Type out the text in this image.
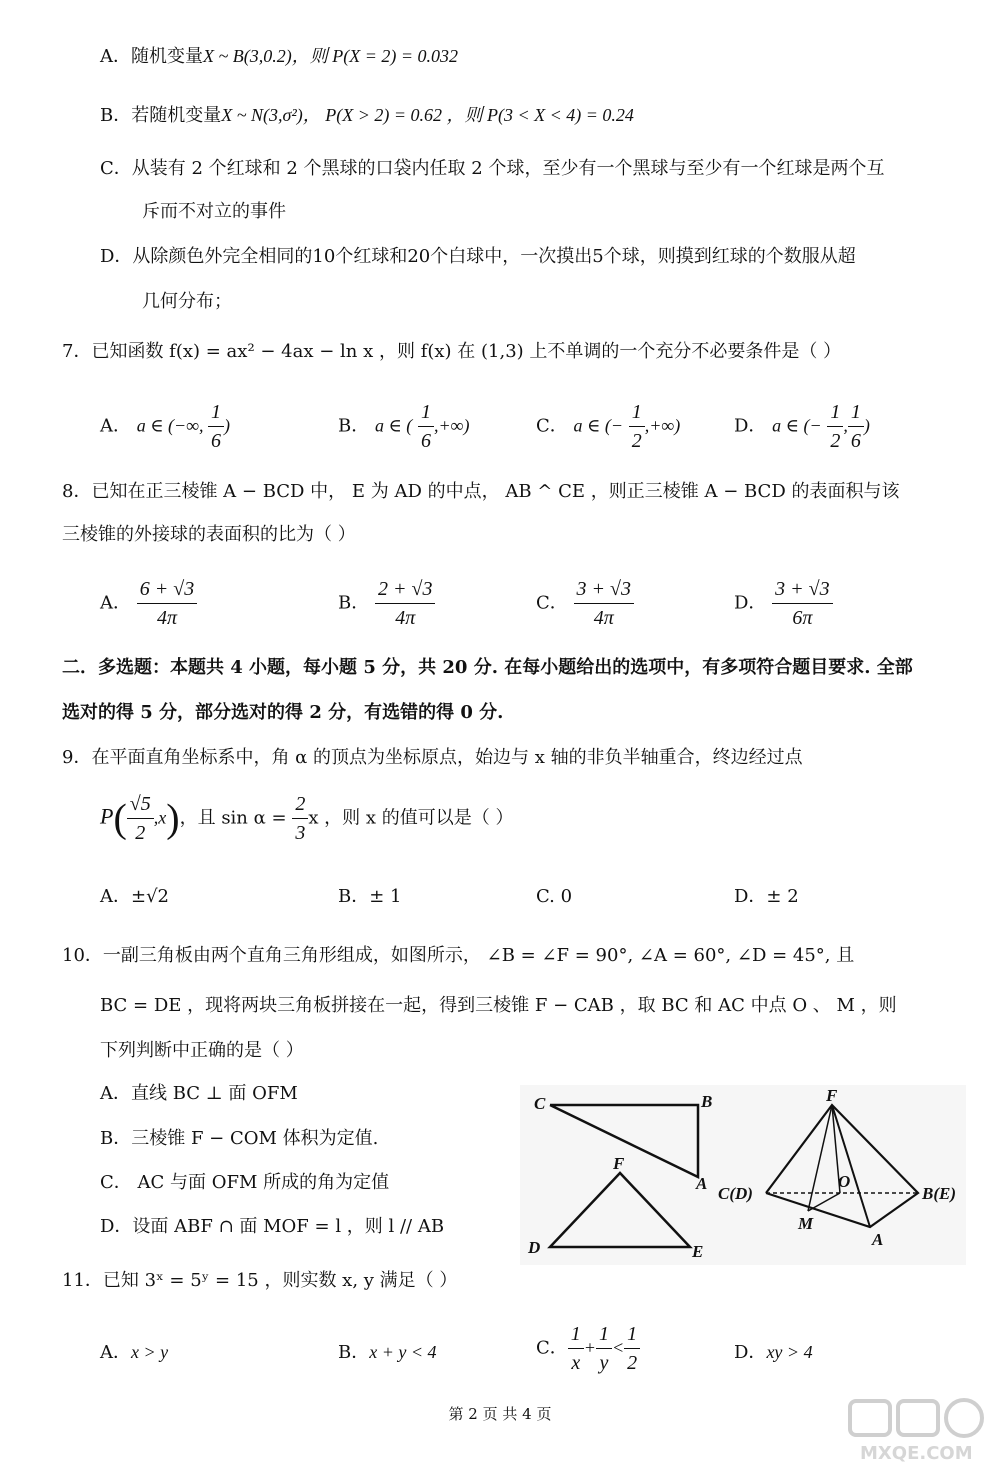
A．随机变量X ~ B(3,0.2)，则 P(X = 2) = 0.032
B．若随机变量X ~ N(3,σ²)， P(X > 2) = 0.62 ，则 P(3 < X < 4) = 0.24
C．从装有 2 个红球和 2 个黑球的口袋内任取 2 个球，至少有一个黑球与至少有一个红球是两个互
斥而不对立的事件
D．从除颜色外完全相同的10个红球和20个白球中，一次摸出5个球，则摸到红球的个数服从超
几何分布；
7．已知函数 f(x) = ax² − 4ax − ln x ，则 f(x) 在 (1,3) 上不单调的一个充分不必要条件是（ ）
A． a ∈ (−∞, $\frac{1}{6}$ )	B． a ∈ ( $\frac{1}{6}$ ,+∞)	C． a ∈ (− $\frac{1}{2}$ ,+∞)	D． a ∈ (− $\frac{1}{2}$ , $\frac{1}{6}$ )
8．已知在正三棱锥 A − BCD 中， E 为 AD 的中点， AB ^ CE ，则正三棱锥 A − BCD 的表面积与该
三棱锥的外接球的表面积的比为（ ）
A． $\frac{6 + √3}{4\pi}$	B． $\frac{2 + √3}{4\pi}$	C． $\frac{3 + √3}{4\pi}$	D． $\frac{3 + √3}{6\pi}$
二．多选题：本题共 4 小题，每小题 5 分，共 20 分. 在每小题给出的选项中，有多项符合题目要求. 全部
选对的得 5 分，部分选对的得 2 分，有选错的得 0 分.
9．在平面直角坐标系中，角 α 的顶点为坐标原点，始边与 x 轴的非负半轴重合，终边经过点
$P( \frac{√5}{2} ,x)$，且 $\sin \alpha = \frac{2}{3}$ x ，则 x 的值可以是（ ）
A．±√2	B．± 1	C. 0	D．± 2
10．一副三角板由两个直角三角形组成，如图所示， ∠B = ∠F = 90°, ∠A = 60°, ∠D = 45°, 且
BC = DE ，现将两块三角板拼接在一起，得到三棱锥 F − CAB ，取 BC 和 AC 中点 O 、 M ，则
下列判断中正确的是（ ）
A．直线 BC ⊥ 面 OFM
B．三棱锥 F − COM 体积为定值.
C． AC 与面 OFM 所成的角为定值
D．设面 ABF ∩ 面 MOF = l ，则 l // AB
C	B
A
F
D	E
F
O
C(D)	B(E)
M
A
11．已知 3ˣ = 5ʸ = 15 ，则实数 x, y 满足（ ）
A．x > y	B．x + y < 4	C． $\frac{1}{x} + \frac{1}{y} < \frac{1}{2}$	D．xy > 4
第 2 页 共 4 页
MXQE.COM
